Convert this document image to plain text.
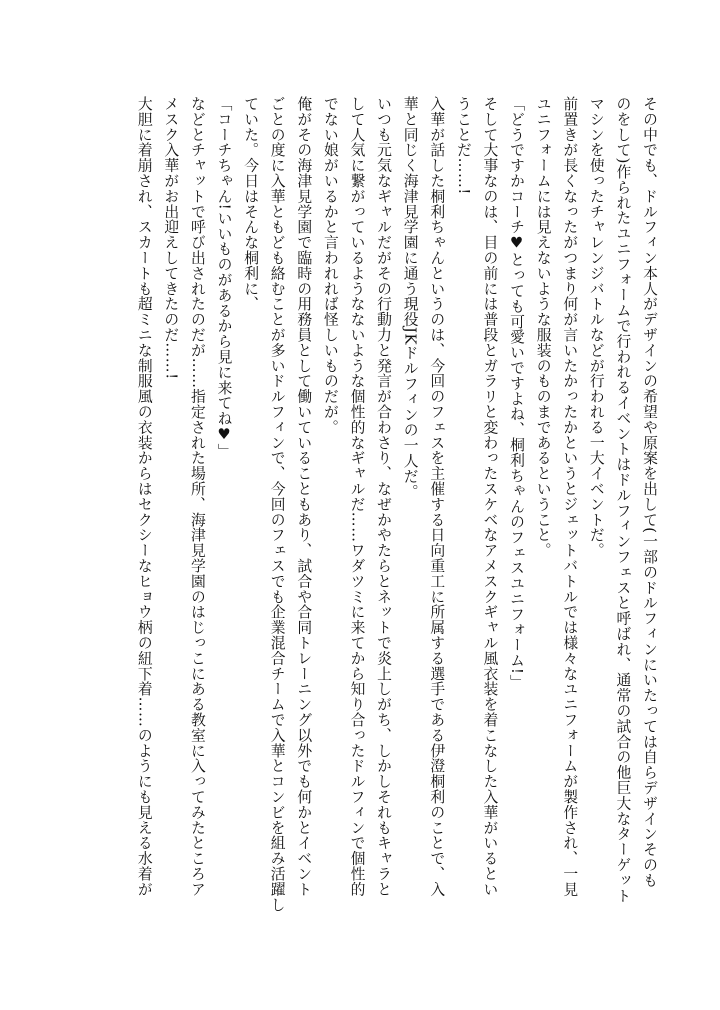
その中でも、ドルフィン本人がデザインの希望や原案を出して(一部のドルフィンにいたっては自らデザインそのも
のをして)作られたユニフォームで行われるイベントはドルフィンフェスと呼ばれ、通常の試合の他巨大なターゲット
マシンを使ったチャレンジバトルなどが行われる一大イベントだ。
前置きが長くなったがつまり何が言いたかったかというとジェットバトルでは様々なユニフォームが製作され、一見
ユニフォームには見えないような服装のものまであるということ。
「どうですかコーチ♥とっても可愛いですよね、桐利ちゃんのフェスユニフォーム!」
そして大事なのは、目の前には普段とガラリと変わったスケベなアメスクギャル風衣装を着こなした入華がいるとい
うことだ……!
入華が話した桐利ちゃんというのは、今回のフェスを主催する日向重工に所属する選手である伊澄桐利のことで、入
華と同じく海津見学園に通う現役JKドルフィンの一人だ。
いつも元気なギャルだがその行動力と発言が合わさり、なぜかやたらとネットで炎上しがち、しかしそれもキャラと
して人気に繋がっているようなないような個性的なギャルだ……ワダツミに来てから知り合ったドルフィンで個性的
でない娘がいるかと言われれば怪しいものだが。
俺がその海津見学園で臨時の用務員として働いていることもあり、試合や合同トレーニング以外でも何かとイベント
ごとの度に入華ともども絡むことが多いドルフィンで、今回のフェスでも企業混合チームで入華とコンビを組み活躍し
ていた。今日はそんな桐利に、
「コーチちゃん!いいものがあるから見に来てね♥」
などとチャットで呼び出されたのだが……指定された場所、海津見学園のはじっこにある教室に入ってみたところア
メスク入華がお出迎えしてきたのだ……!
大胆に着崩され、スカートも超ミニな制服風の衣装からはセクシーなヒョウ柄の紐下着……のようにも見える水着が
